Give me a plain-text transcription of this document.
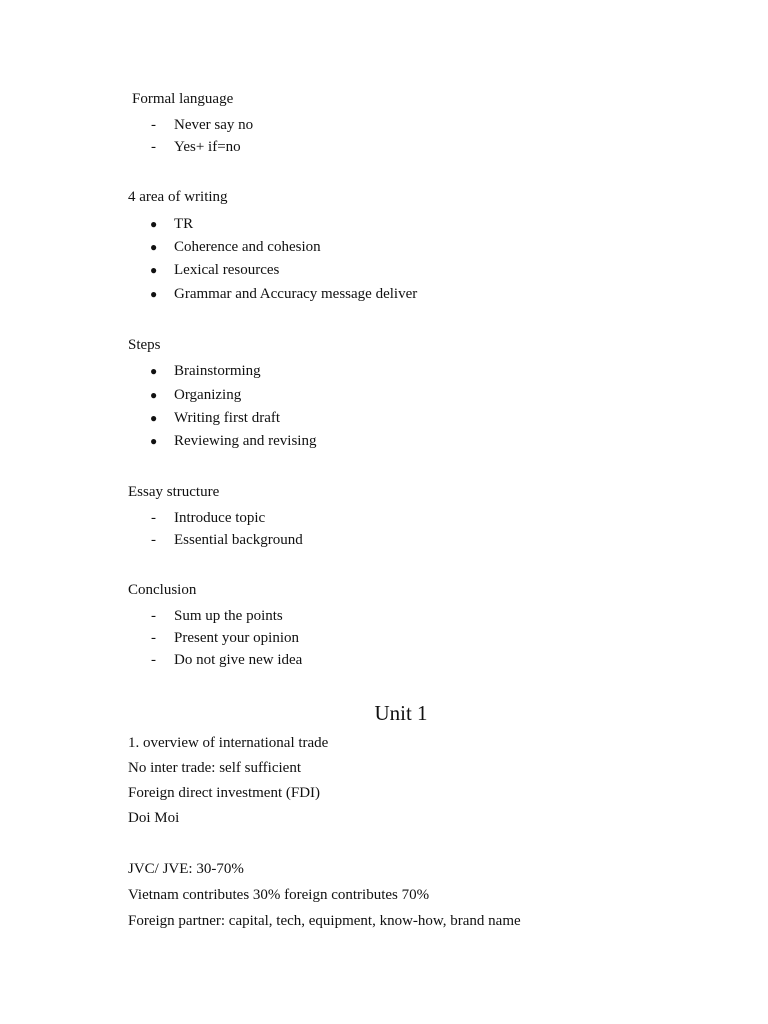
Formal language
- Never say no
- Yes+ if=no
4 area of writing
● TR
● Coherence and cohesion
● Lexical resources
● Grammar and Accuracy message deliver
Steps
● Brainstorming
● Organizing
● Writing first draft
● Reviewing and revising
Essay structure
- Introduce topic
- Essential background
Conclusion
- Sum up the points
- Present your opinion
- Do not give new idea
Unit 1
1. overview of international trade
No inter trade: self sufficient
Foreign direct investment (FDI)
Doi Moi
JVC/ JVE: 30-70%
Vietnam contributes 30% foreign contributes 70%
Foreign partner: capital, tech, equipment, know-how, brand name
